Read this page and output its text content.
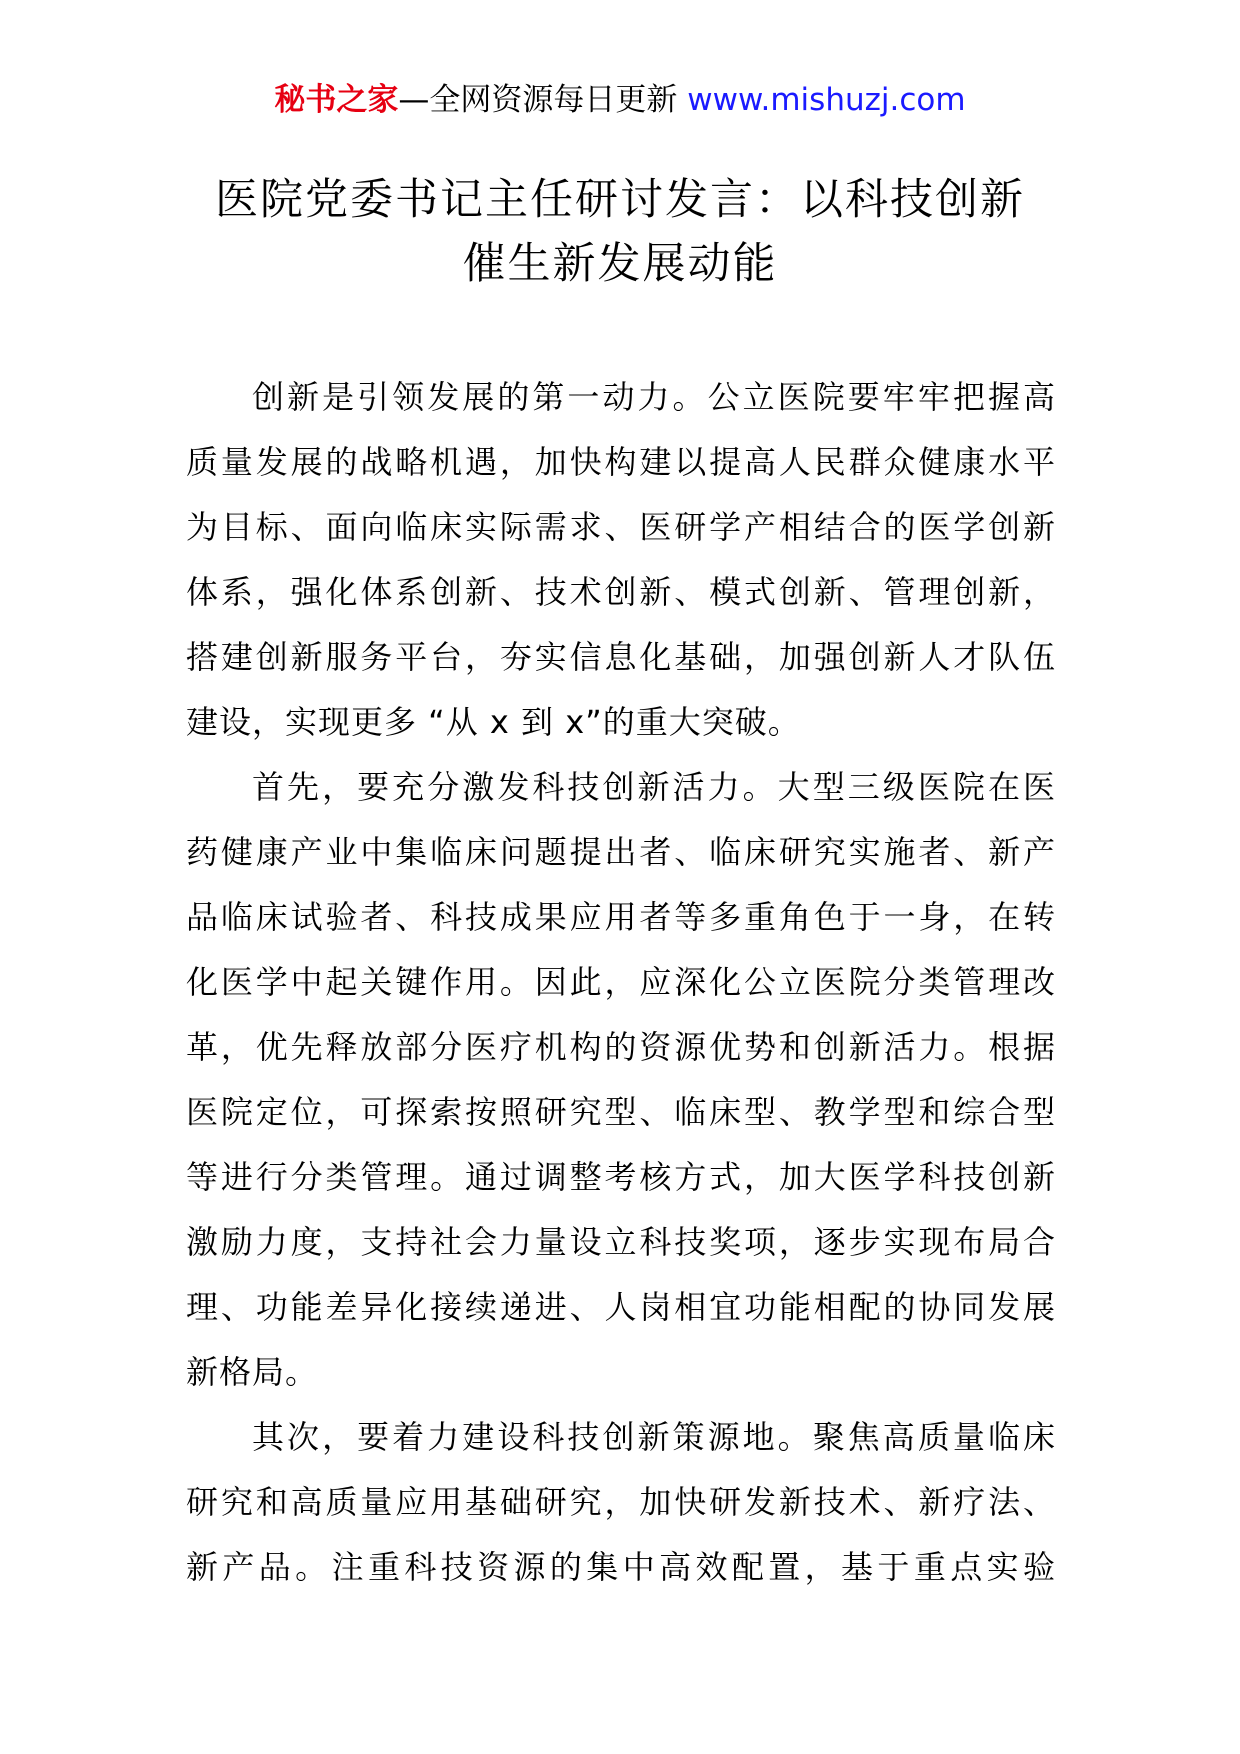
秘书之家—全网资源每日更新 www.mishuzj.com
医院党委书记主任研讨发言：以科技创新
催生新发展动能

创新是引领发展的第一动力。公立医院要牢牢把握高
质量发展的战略机遇，加快构建以提高人民群众健康水平
为目标、面向临床实际需求、医研学产相结合的医学创新
体系，强化体系创新、技术创新、模式创新、管理创新，
搭建创新服务平台，夯实信息化基础，加强创新人才队伍
建设，实现更多 “从 x 到 x”的重大突破。

首先，要充分激发科技创新活力。大型三级医院在医
药健康产业中集临床问题提出者、临床研究实施者、新产
品临床试验者、科技成果应用者等多重角色于一身，在转
化医学中起关键作用。因此，应深化公立医院分类管理改
革，优先释放部分医疗机构的资源优势和创新活力。根据
医院定位，可探索按照研究型、临床型、教学型和综合型
等进行分类管理。通过调整考核方式，加大医学科技创新
激励力度，支持社会力量设立科技奖项，逐步实现布局合
理、功能差异化接续递进、人岗相宜功能相配的协同发展
新格局。

其次，要着力建设科技创新策源地。聚焦高质量临床
研究和高质量应用基础研究，加快研发新技术、新疗法、
新产品。注重科技资源的集中高效配置，基于重点实验
